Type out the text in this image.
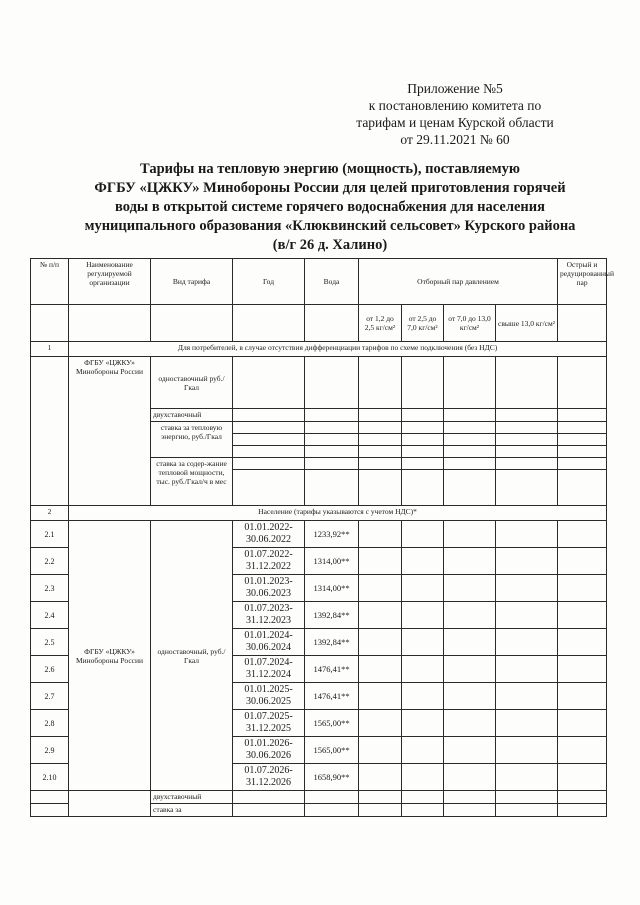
Приложение №5
к постановлению комитета по
тарифам и ценам Курской области
от 29.11.2021 № 60
Тарифы на тепловую энергию (мощность), поставляемую
ФГБУ «ЦЖКУ» Минобороны России для целей приготовления горячей
воды в открытой системе горячего водоснабжения для населения
муниципального образования «Клюквинский сельсовет» Курского района
(в/г 26 д. Халино)
№ п/п	Наименование регулируемой организации	Вид тарифа	Год	Вода	Отборный пар давлением				Острый и редуцированный пар
					от 1,2 до 2,5 кг/см²	от 2,5 до 7,0 кг/см²	от 7,0 до 13,0 кг/см²	свыше 13,0 кг/см²	
1	Для потребителей, в случае отсутствия дифференциации тарифов по схеме подключения (без НДС)								
	ФГБУ «ЦЖКУ» Минобороны России	одноставочный руб./Гкал							
		двухставочный							
		ставка за тепловую энергию, руб./Гкал							

		ставка за содер-жание тепловой мощности, тыс. руб./Гкал/ч в мес							

2	Население (тарифы указываются с учетом НДС)*								
2.1	ФГБУ «ЦЖКУ» Минобороны России	одноставочный, руб./Гкал	01.01.2022-30.06.2022	1233,92**					
2.2			01.07.2022-31.12.2022	1314,00**					
2.3			01.01.2023-30.06.2023	1314,00**					
2.4			01.07.2023-31.12.2023	1392,84**					
2.5			01.01.2024-30.06.2024	1392,84**					
2.6			01.07.2024-31.12.2024	1476,41**					
2.7			01.01.2025-30.06.2025	1476,41**					
2.8			01.07.2025-31.12.2025	1565,00**					
2.9			01.01.2026-30.06.2026	1565,00**					
2.10			01.07.2026-31.12.2026	1658,90**					
		двухставочный							
		ставка за							
